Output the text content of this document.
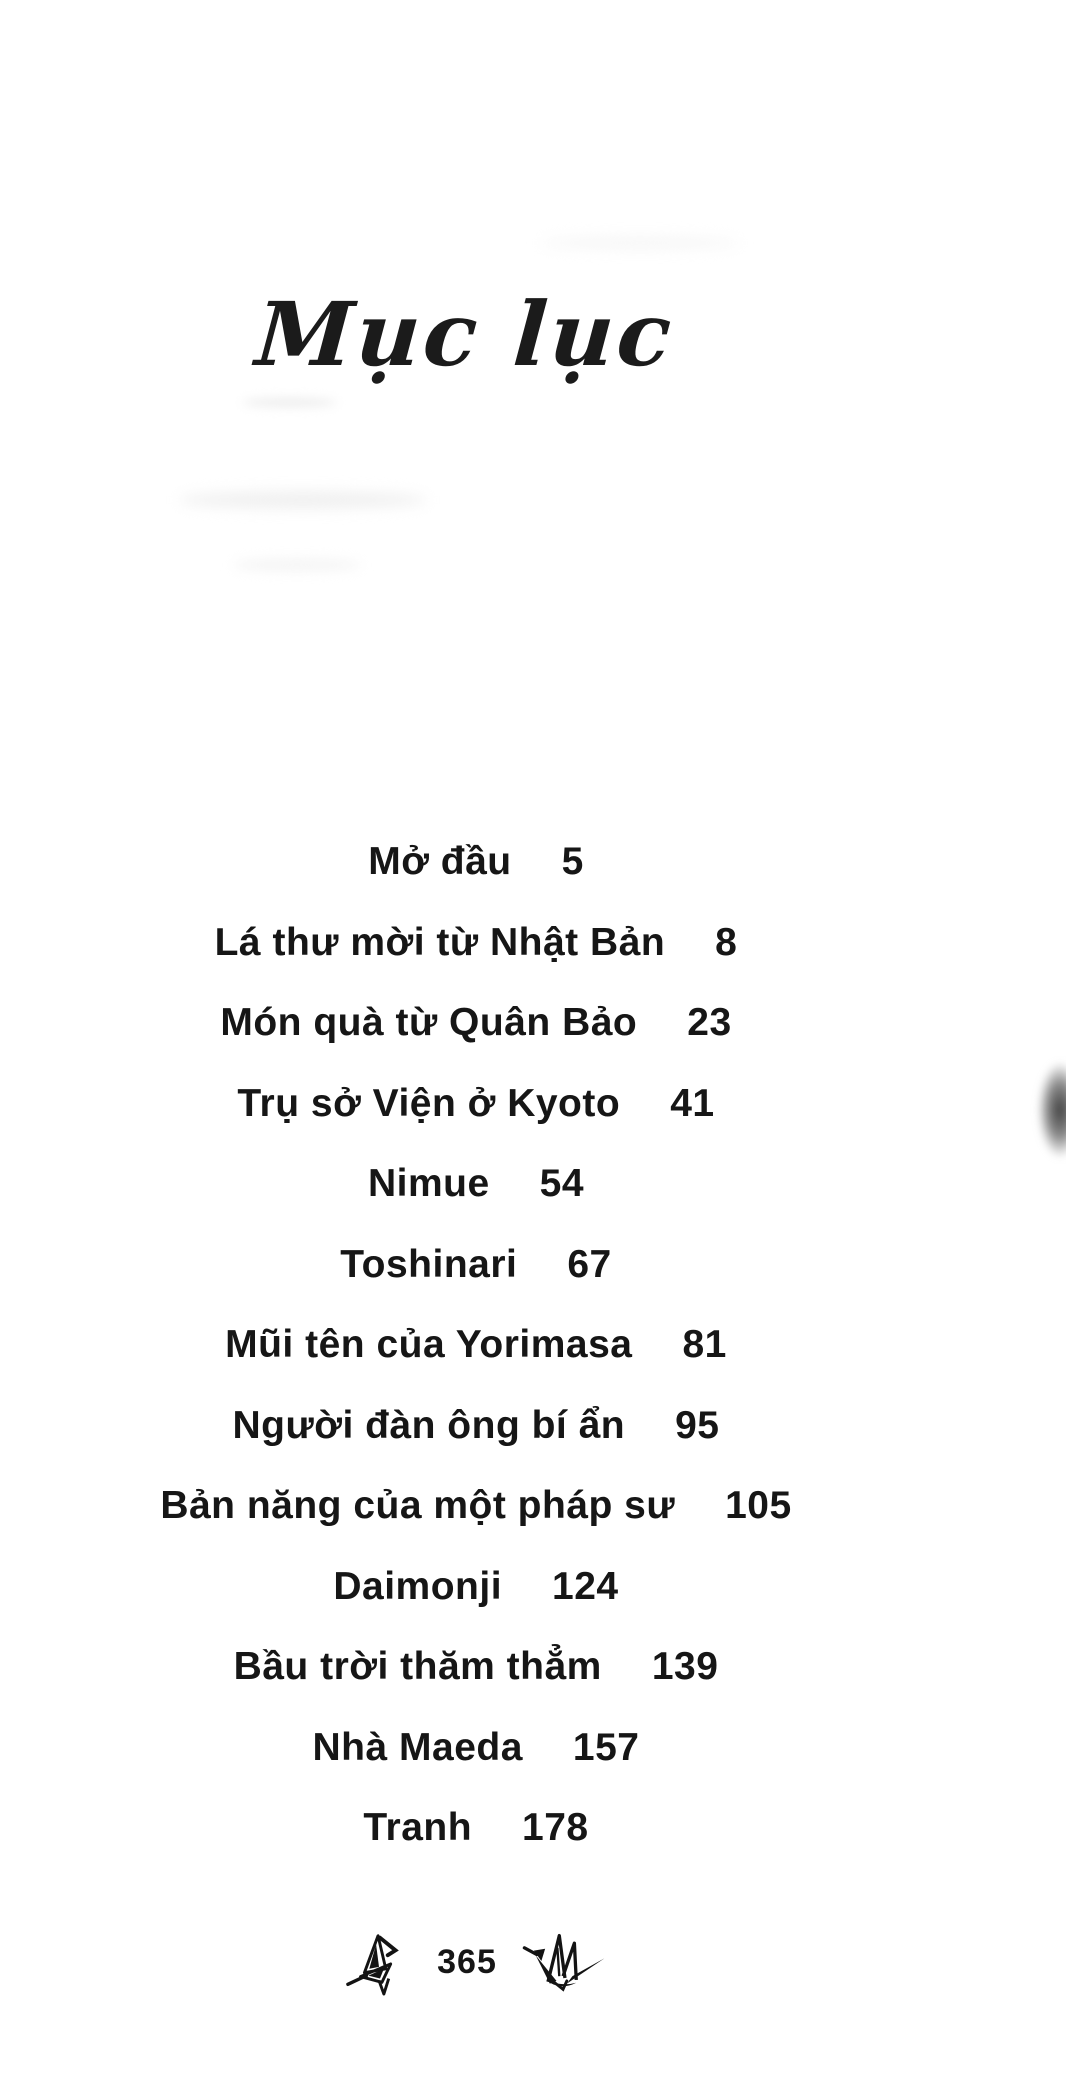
Mục lục
Mở đầu 5
Lá thư mời từ Nhật Bản 8
Món quà từ Quân Bảo 23
Trụ sở Viện ở Kyoto 41
Nimue 54
Toshinari 67
Mũi tên của Yorimasa 81
Người đàn ông bí ẩn 95
Bản năng của một pháp sư 105
Daimonji 124
Bầu trời thăm thẳm 139
Nhà Maeda 157
Tranh 178
365
